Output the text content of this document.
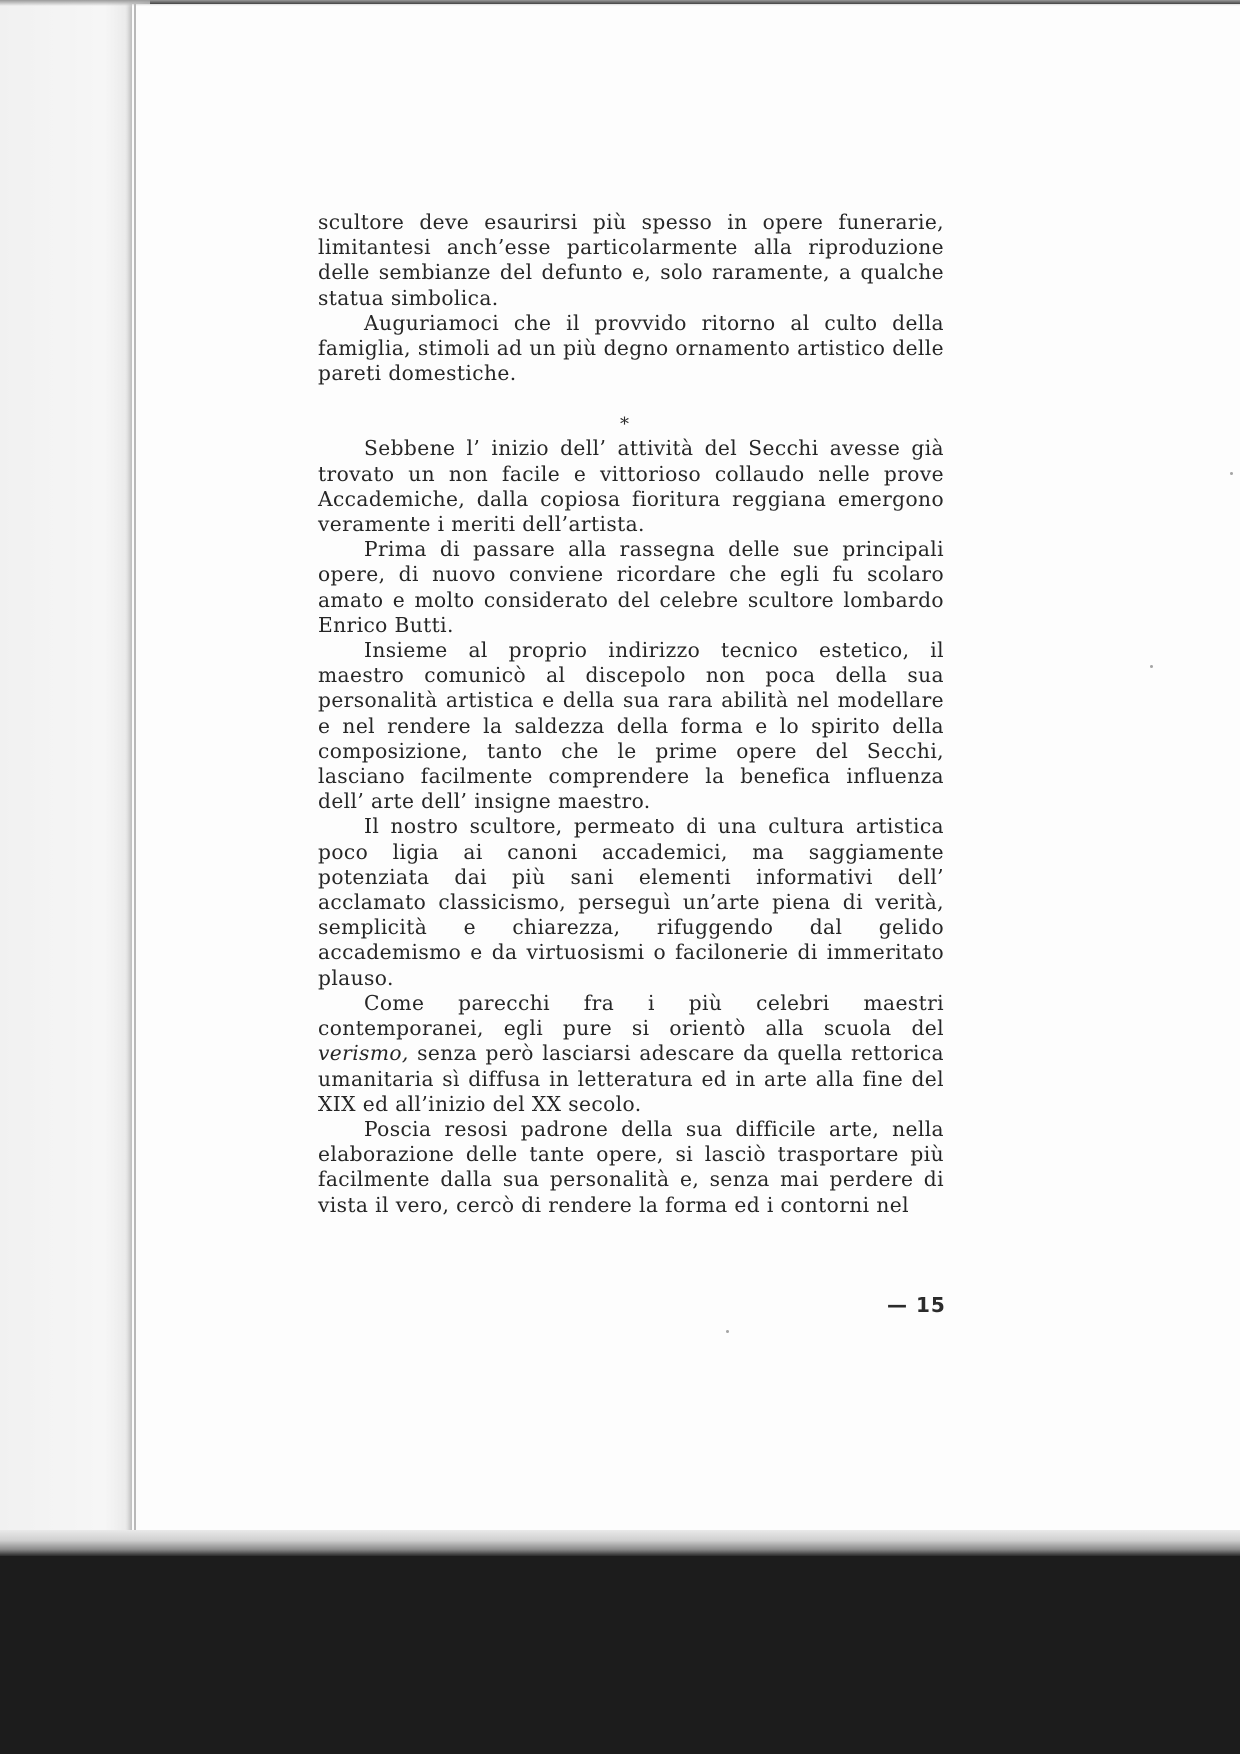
scultore deve esaurirsi più spesso in opere funerarie, limitantesi anch’esse particolarmente alla riproduzione delle sembianze del defunto e, solo raramente, a qualche statua simbolica.

Auguriamoci che il provvido ritorno al culto della famiglia, stimoli ad un più degno ornamento artistico delle pareti domestiche.

Sebbene l’ inizio dell’ attività del Secchi avesse già trovato un non facile e vittorioso collaudo nelle prove Accademiche, dalla copiosa fioritura reggiana emergono veramente i meriti dell’artista.

Prima di passare alla rassegna delle sue principali opere, di nuovo conviene ricordare che egli fu scolaro amato e molto considerato del celebre scultore lombardo Enrico Butti.

Insieme al proprio indirizzo tecnico estetico, il maestro comunicò al discepolo non poca della sua personalità artistica e della sua rara abilità nel modellare e nel rendere la saldezza della forma e lo spirito della composizione, tanto che le prime opere del Secchi, lasciano facilmente comprendere la benefica influenza dell’ arte dell’ insigne maestro.

Il nostro scultore, permeato di una cultura artistica poco ligia ai canoni accademici, ma saggiamente potenziata dai più sani elementi informativi dell’ acclamato classicismo, perseguì un’arte piena di verità, semplicità e chiarezza, rifuggendo dal gelido accademismo e da virtuosismi o facilonerie di immeritato plauso.

Come parecchi fra i più celebri maestri contemporanei, egli pure si orientò alla scuola del verismo, senza però lasciarsi adescare da quella rettorica umanitaria sì diffusa in letteratura ed in arte alla fine del XIX ed all’inizio del XX secolo.

Poscia resosi padrone della sua difficile arte, nella elaborazione delle tante opere, si lasciò trasportare più facilmente dalla sua personalità e, senza mai perdere di vista il vero, cercò di rendere la forma ed i contorni nel

*
— 15
